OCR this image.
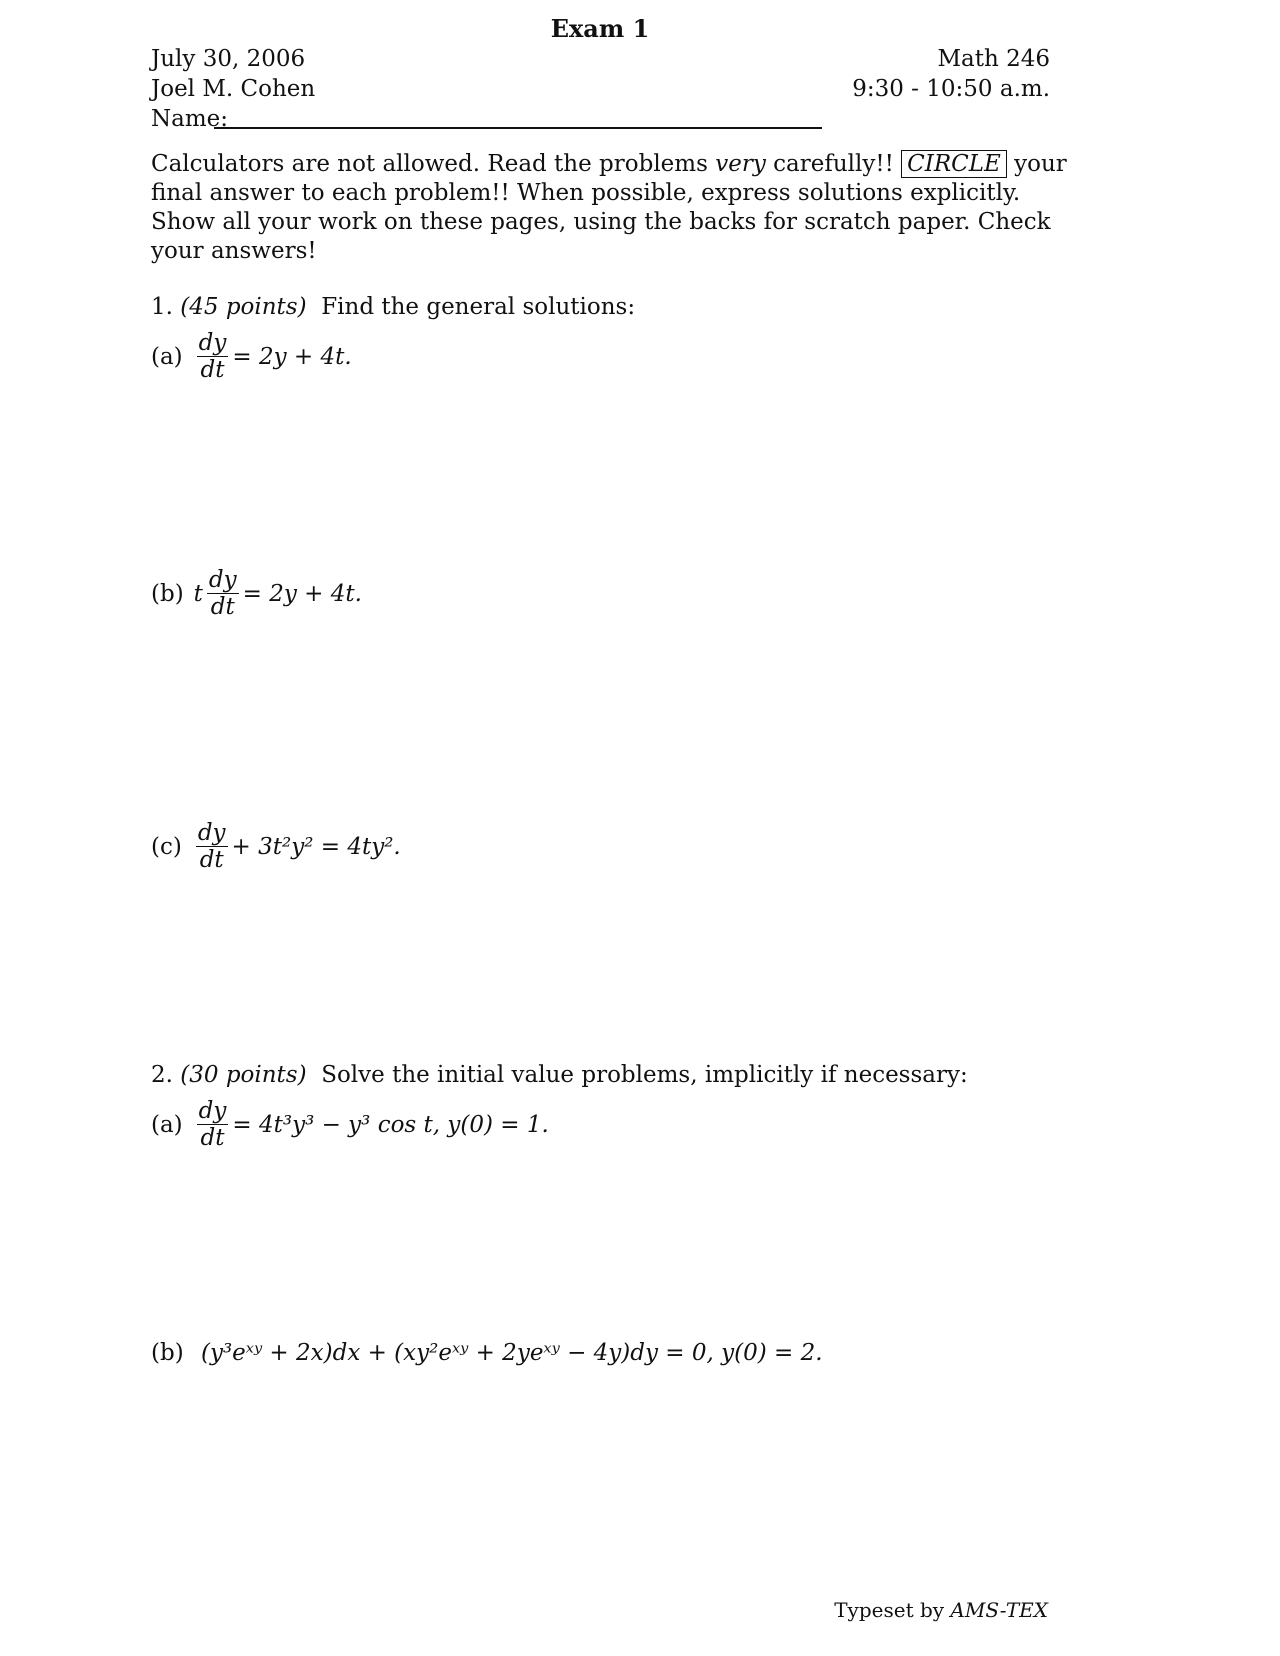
Exam 1
July 30, 2006
Joel M. Cohen
Name:
Math 246
9:30 - 10:50 a.m.
Calculators are not allowed. Read the problems very carefully!! CIRCLE your final answer to each problem!! When possible, express solutions explicitly. Show all your work on these pages, using the backs for scratch paper. Check your answers!
1. (45 points) Find the general solutions:
$(a) \frac{dy}{dt} = 2y + 4t$.
(b) t $\frac{dy}{dt} = 2y + 4t$.
$(c) \frac{dy}{dt} + 3t^2y^2 = 4ty^2$.
2. (30 points) Solve the initial value problems, implicitly if necessary:
$(a) \frac{dy}{dt} = 4t^3y^3 - y^3$ cos t, y(0) = 1.
(b) (y³eˣʸ + 2x)dx + (xy²eˣʸ + 2yeˣʸ − 4y)dy = 0, y(0) = 2.
Typeset by AMS-TEX
